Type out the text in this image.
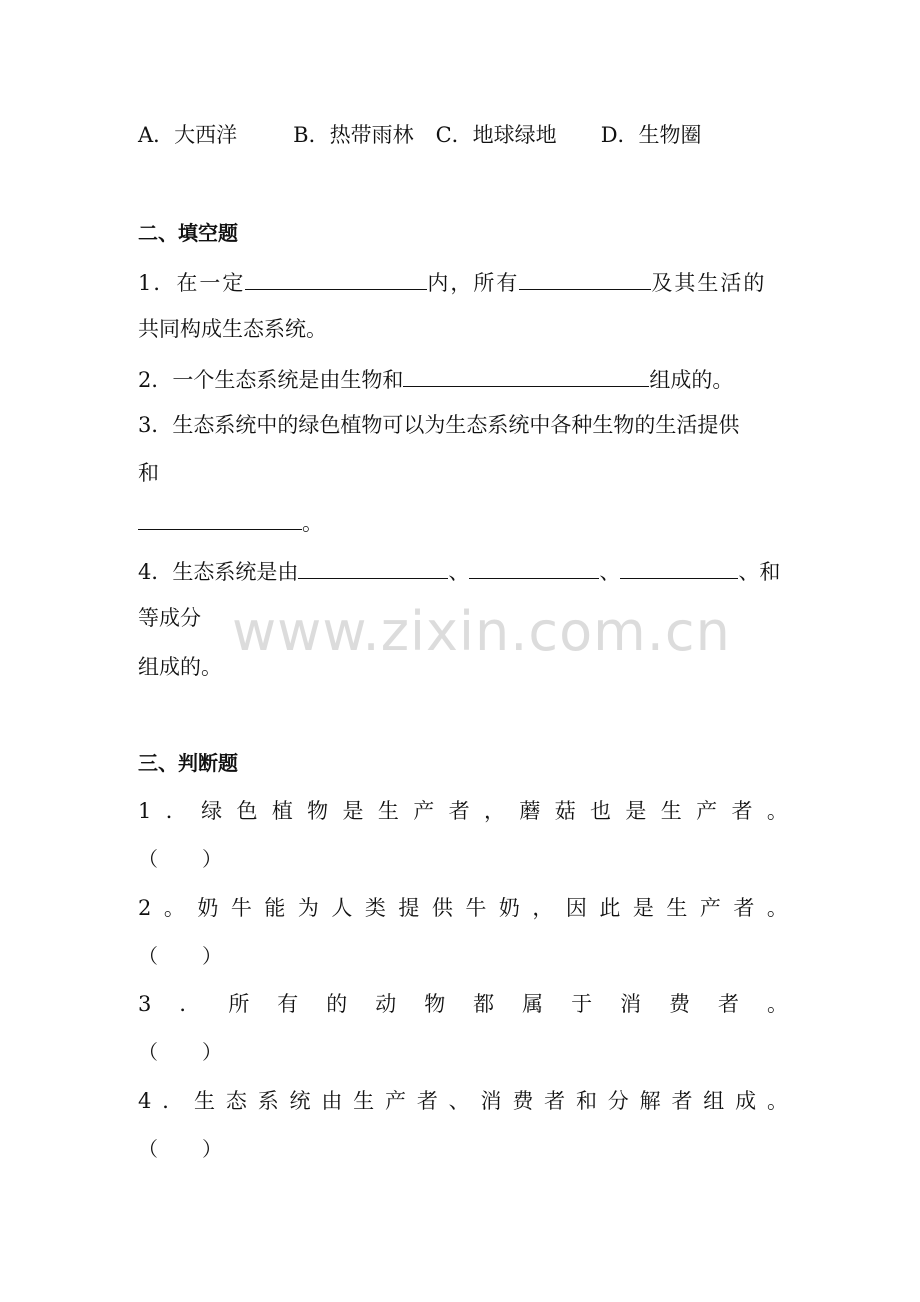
A．大西洋	B．热带雨林 C．地球绿地 D．生物圈
二、填空题
1．在一定	内，所有	及其生活的
共同构成生态系统。
2．一个生态系统是由生物和	组成的。
3．生态系统中的绿色植物可以为生态系统中各种生物的生活提供
和
。
4．生态系统是由	、	、	、和
等成分
组成的。
三、判断题
1 ． 绿 色 植 物 是 生 产 者 ， 蘑 菇 也 是 生 产 者 。
（ ）
2 。 奶 牛 能 为 人 类 提 供 牛 奶 ， 因 此 是 生 产 者 。
（ ）
3 ． 所 有 的 动 物 都 属 于 消 费 者 。
（ ）
4 ． 生 态 系 统 由 生 产 者 、 消 费 者 和 分 解 者 组 成 。
（ ）
www.zixin.com.cn
